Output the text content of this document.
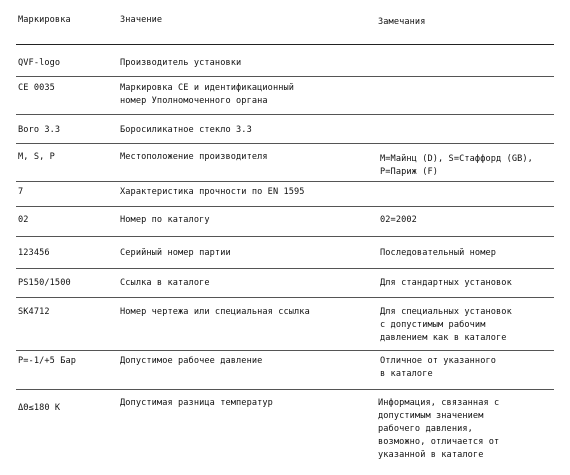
Маркировка	Значение	Замечания
QVF-logo	Производитель установки
CE 0035	Маркировка CE и идентификационный
номер Уполномоченного органа
Boro 3.3	Боросиликатное стекло 3.3
M, S, P	Местоположение производителя	M=Майнц (D), S=Стаффорд (GB),
P=Париж (F)
7	Характеристика прочности по EN 1595
02	Номер по каталогу	02=2002
123456	Серийный номер партии	Последовательный номер
PS150/1500	Ссылка в каталоге	Для стандартных установок
SK4712	Номер чертежа или специальная ссылка	Для специальных установок
с допустимым рабочим
давлением как в каталоге
P=-1/+5 Бар	Допустимое рабочее давление	Отличное от указанного
в каталоге
ΔΘ≤180 K	Допустимая разница температур	Информация, связанная с
допустимым значением
рабочего давления,
возможно, отличается от
указанной в каталоге
